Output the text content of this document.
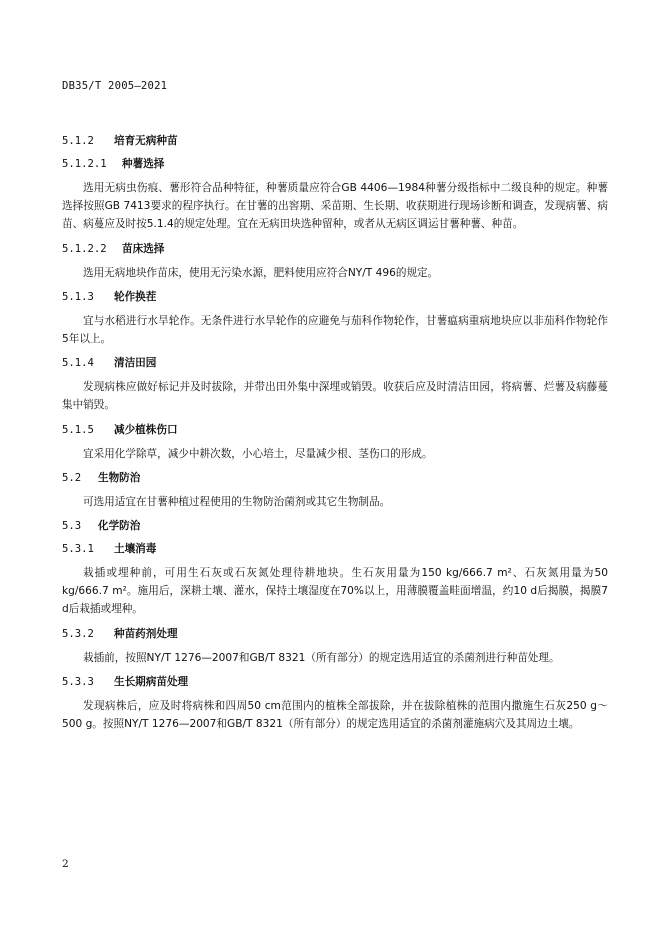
DB35/T 2005—2021
5.1.2 培育无病种苗
5.1.2.1 种薯选择

选用无病虫伤痕、薯形符合品种特征，种薯质量应符合GB 4406—1984种薯分级指标中二级良种的规定。种薯选择按照GB 7413要求的程序执行。在甘薯的出窖期、采苗期、生长期、收获期进行现场诊断和调查，发现病薯、病苗、病蔓应及时按5.1.4的规定处理。宜在无病田块选种留种，或者从无病区调运甘薯种薯、种苗。

5.1.2.2 苗床选择

选用无病地块作苗床，使用无污染水源，肥料使用应符合NY/T 496的规定。

5.1.3 轮作换茬

宜与水稻进行水旱轮作。无条件进行水旱轮作的应避免与茄科作物轮作，甘薯瘟病重病地块应以非茄科作物轮作5年以上。

5.1.4 清洁田园

发现病株应做好标记并及时拔除，并带出田外集中深埋或销毁。收获后应及时清洁田园，将病薯、烂薯及病藤蔓集中销毁。

5.1.5 减少植株伤口

宜采用化学除草，减少中耕次数，小心培土，尽量减少根、茎伤口的形成。

5.2 生物防治

可选用适宜在甘薯种植过程使用的生物防治菌剂或其它生物制品。

5.3 化学防治
5.3.1 土壤消毒

栽插或埋种前，可用生石灰或石灰氮处理待耕地块。生石灰用量为150 kg/666.7 m²、石灰氮用量为50 kg/666.7 m²。施用后，深耕土壤、灌水，保持土壤湿度在70%以上，用薄膜覆盖畦面增温，约10 d后揭膜，揭膜7 d后栽插或埋种。

5.3.2 种苗药剂处理

栽插前，按照NY/T 1276—2007和GB/T 8321（所有部分）的规定选用适宜的杀菌剂进行种苗处理。

5.3.3 生长期病苗处理

发现病株后，应及时将病株和四周50 cm范围内的植株全部拔除，并在拔除植株的范围内撒施生石灰250 g～500 g。按照NY/T 1276—2007和GB/T 8321（所有部分）的规定选用适宜的杀菌剂灌施病穴及其周边土壤。

2
